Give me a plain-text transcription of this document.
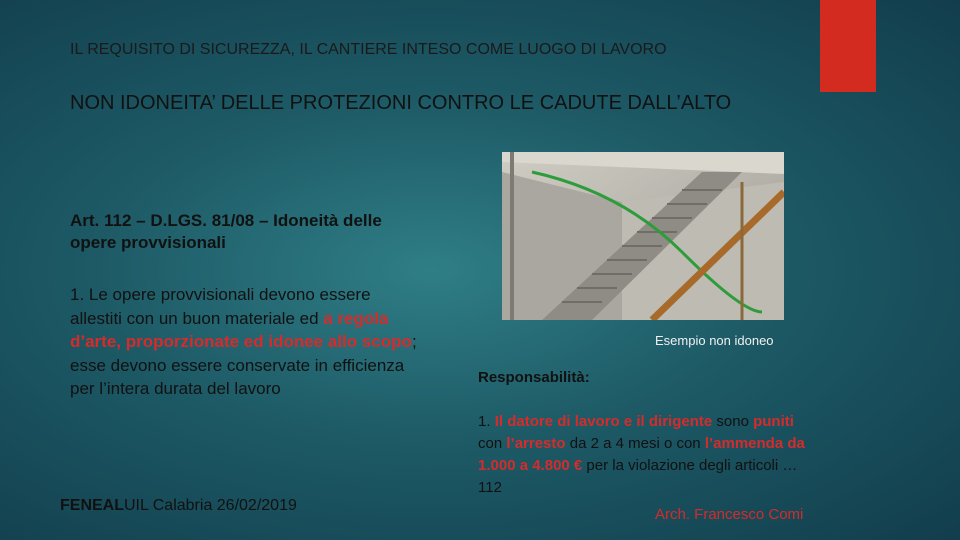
IL REQUISITO DI SICUREZZA, IL CANTIERE INTESO COME LUOGO DI LAVORO
NON IDONEITA’ DELLE PROTEZIONI CONTRO LE CADUTE DALL’ALTO
Art. 112 – D.LGS. 81/08 – Idoneità delle opere provvisionali
1. Le opere provvisionali devono essere allestiti con un buon materiale ed a regola d’arte, proporzionate ed idonee allo scopo; esse devono essere conservate in efficienza per l’intera durata del lavoro
FENEALUIL Calabria 26/02/2019
Esempio non idoneo
Responsabilità:
1. Il datore di lavoro e il dirigente sono puniti con l’arresto da 2 a 4 mesi o con l’ammenda da 1.000 a 4.800 € per la violazione degli articoli …112
Arch. Francesco Comi
